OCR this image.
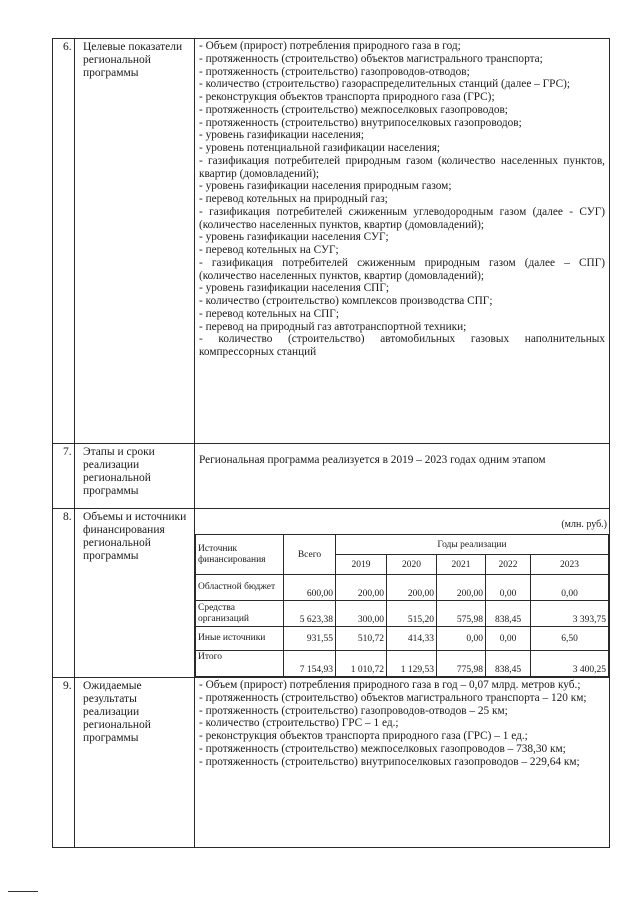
6.	Целевые показатели региональной программы	
- Объем (прирост) потребления природного газа в год;
- протяженность (строительство) объектов магистрального транспорта;
- протяженность (строительство) газопроводов-отводов;
- количество (строительство) газораспределительных станций (далее – ГРС);
- реконструкция объектов транспорта природного газа (ГРС);
- протяженность (строительство) межпоселковых газопроводов;
- протяженность (строительство) внутрипоселковых газопроводов;
- уровень газификации населения;
- уровень потенциальной газификации населения;
- газификация потребителей природным газом (количество населенных пунктов, квартир (домовладений);
- уровень газификации населения природным газом;
- перевод котельных на природный газ;
- газификация потребителей сжиженным углеводородным газом (далее - СУГ) (количество населенных пунктов, квартир (домовладений);
- уровень газификации населения СУГ;
- перевод котельных на СУГ;
- газификация потребителей сжиженным природным газом (далее – СПГ) (количество населенных пунктов, квартир (домовладений);
- уровень газификации населения СПГ;
- количество (строительство) комплексов производства СПГ;
- перевод котельных на СПГ;
- перевод на природный газ автотранспортной техники;
- количество (строительство) автомобильных газовых наполнительных компрессорных станций

7.	Этапы и сроки реализации региональной программы	Региональная программа реализуется в 2019 – 2023 годах одним этапом
8.	Объемы и источники финансирования региональной программы	
(млн. руб.)
Источник финансирования	Всего	Годы реализации
2019	2020	2021	2022	2023
Областной бюджет	600,00	200,00	200,00	200,00	0,00	0,00
Средства организаций	5 623,38	300,00	515,20	575,98	838,45	3 393,75
Иные источники	931,55	510,72	414,33	0,00	0,00	6,50
Итого	7 154,93	1 010,72	1 129,53	775,98	838,45	3 400,25

9.	Ожидаемые результаты реализации региональной программы	
- Объем (прирост) потребления природного газа в год – 0,07 млрд. метров куб.;
- протяженность (строительство) объектов магистрального транспорта – 120 км;
- протяженность (строительство) газопроводов-отводов – 25 км;
- количество (строительство) ГРС – 1 ед.;
- реконструкция объектов транспорта природного газа (ГРС) – 1 ед.;
- протяженность (строительство) межпоселковых газопроводов – 738,30 км;
- протяженность (строительство) внутрипоселковых газопроводов – 229,64 км;
